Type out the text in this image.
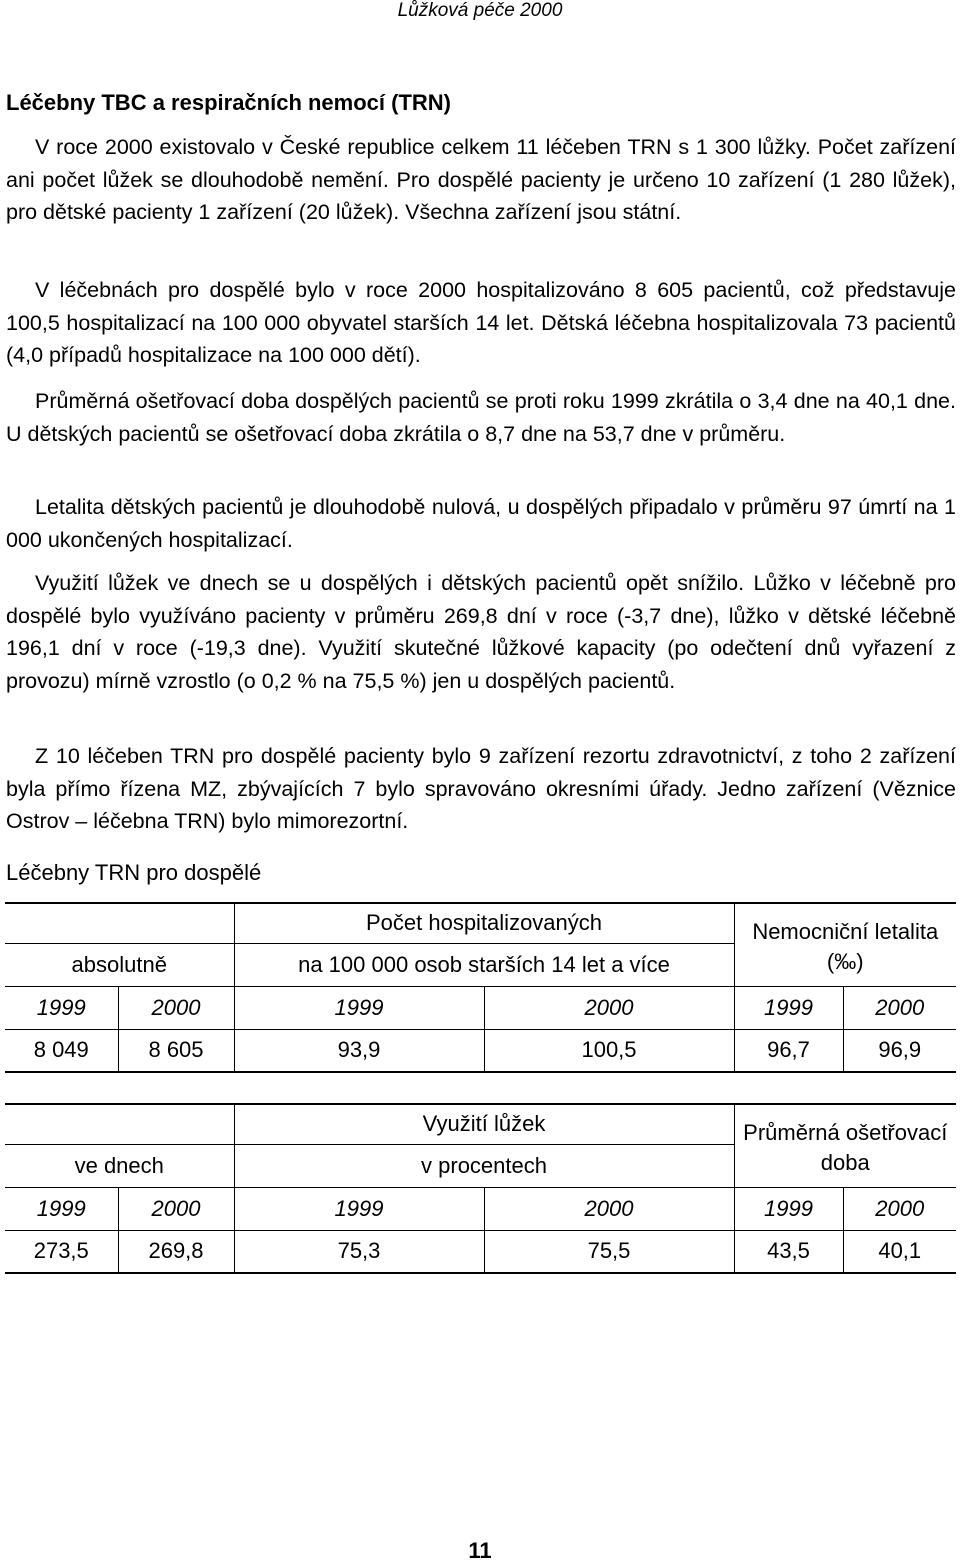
Lůžková péče 2000
Léčebny TBC a respiračních nemocí (TRN)

V roce 2000 existovalo v České republice celkem 11 léčeben TRN s 1 300 lůžky. Počet zařízení ani počet lůžek se dlouhodobě nemění. Pro dospělé pacienty je určeno 10 zařízení (1 280 lůžek), pro dětské pacienty 1 zařízení (20 lůžek). Všechna zařízení jsou státní.

V léčebnách pro dospělé bylo v roce 2000 hospitalizováno 8 605 pacientů, což představuje 100,5 hospitalizací na 100 000 obyvatel starších 14 let. Dětská léčebna hospitalizovala 73 pacientů (4,0 případů hospitalizace na 100 000 dětí).

Průměrná ošetřovací doba dospělých pacientů se proti roku 1999 zkrátila o 3,4 dne na 40,1 dne. U dětských pacientů se ošetřovací doba zkrátila o 8,7 dne na 53,7 dne v průměru.

Letalita dětských pacientů je dlouhodobě nulová, u dospělých připadalo v průměru 97 úmrtí na 1 000 ukončených hospitalizací.

Využití lůžek ve dnech se u dospělých i dětských pacientů opět snížilo. Lůžko v léčebně pro dospělé bylo využíváno pacienty v průměru 269,8 dní v roce (-3,7 dne), lůžko v dětské léčebně 196,1 dní v roce (-19,3 dne). Využití skutečné lůžkové kapacity (po odečtení dnů vyřazení z provozu) mírně vzrostlo (o 0,2 % na 75,5 %) jen u dospělých pacientů.

Z 10 léčeben TRN pro dospělé pacienty bylo 9 zařízení rezortu zdravotnictví, z toho 2 zařízení byla přímo řízena MZ, zbývajících 7 bylo spravováno okresními úřady. Jedno zařízení (Věznice Ostrov – léčebna TRN) bylo mimorezortní.

Léčebny TRN pro dospělé
		Počet hospitalizovaných		Nemocniční letalita (‰)	
absolutně		na 100 000 osob starších 14 let a více			
1999	2000	1999	2000	1999	2000
8 049	8 605	93,9	100,5	96,7	96,9
		Využití lůžek		Průměrná ošetřovací doba	
ve dnech		v procentech			
1999	2000	1999	2000	1999	2000
273,5	269,8	75,3	75,5	43,5	40,1
11
